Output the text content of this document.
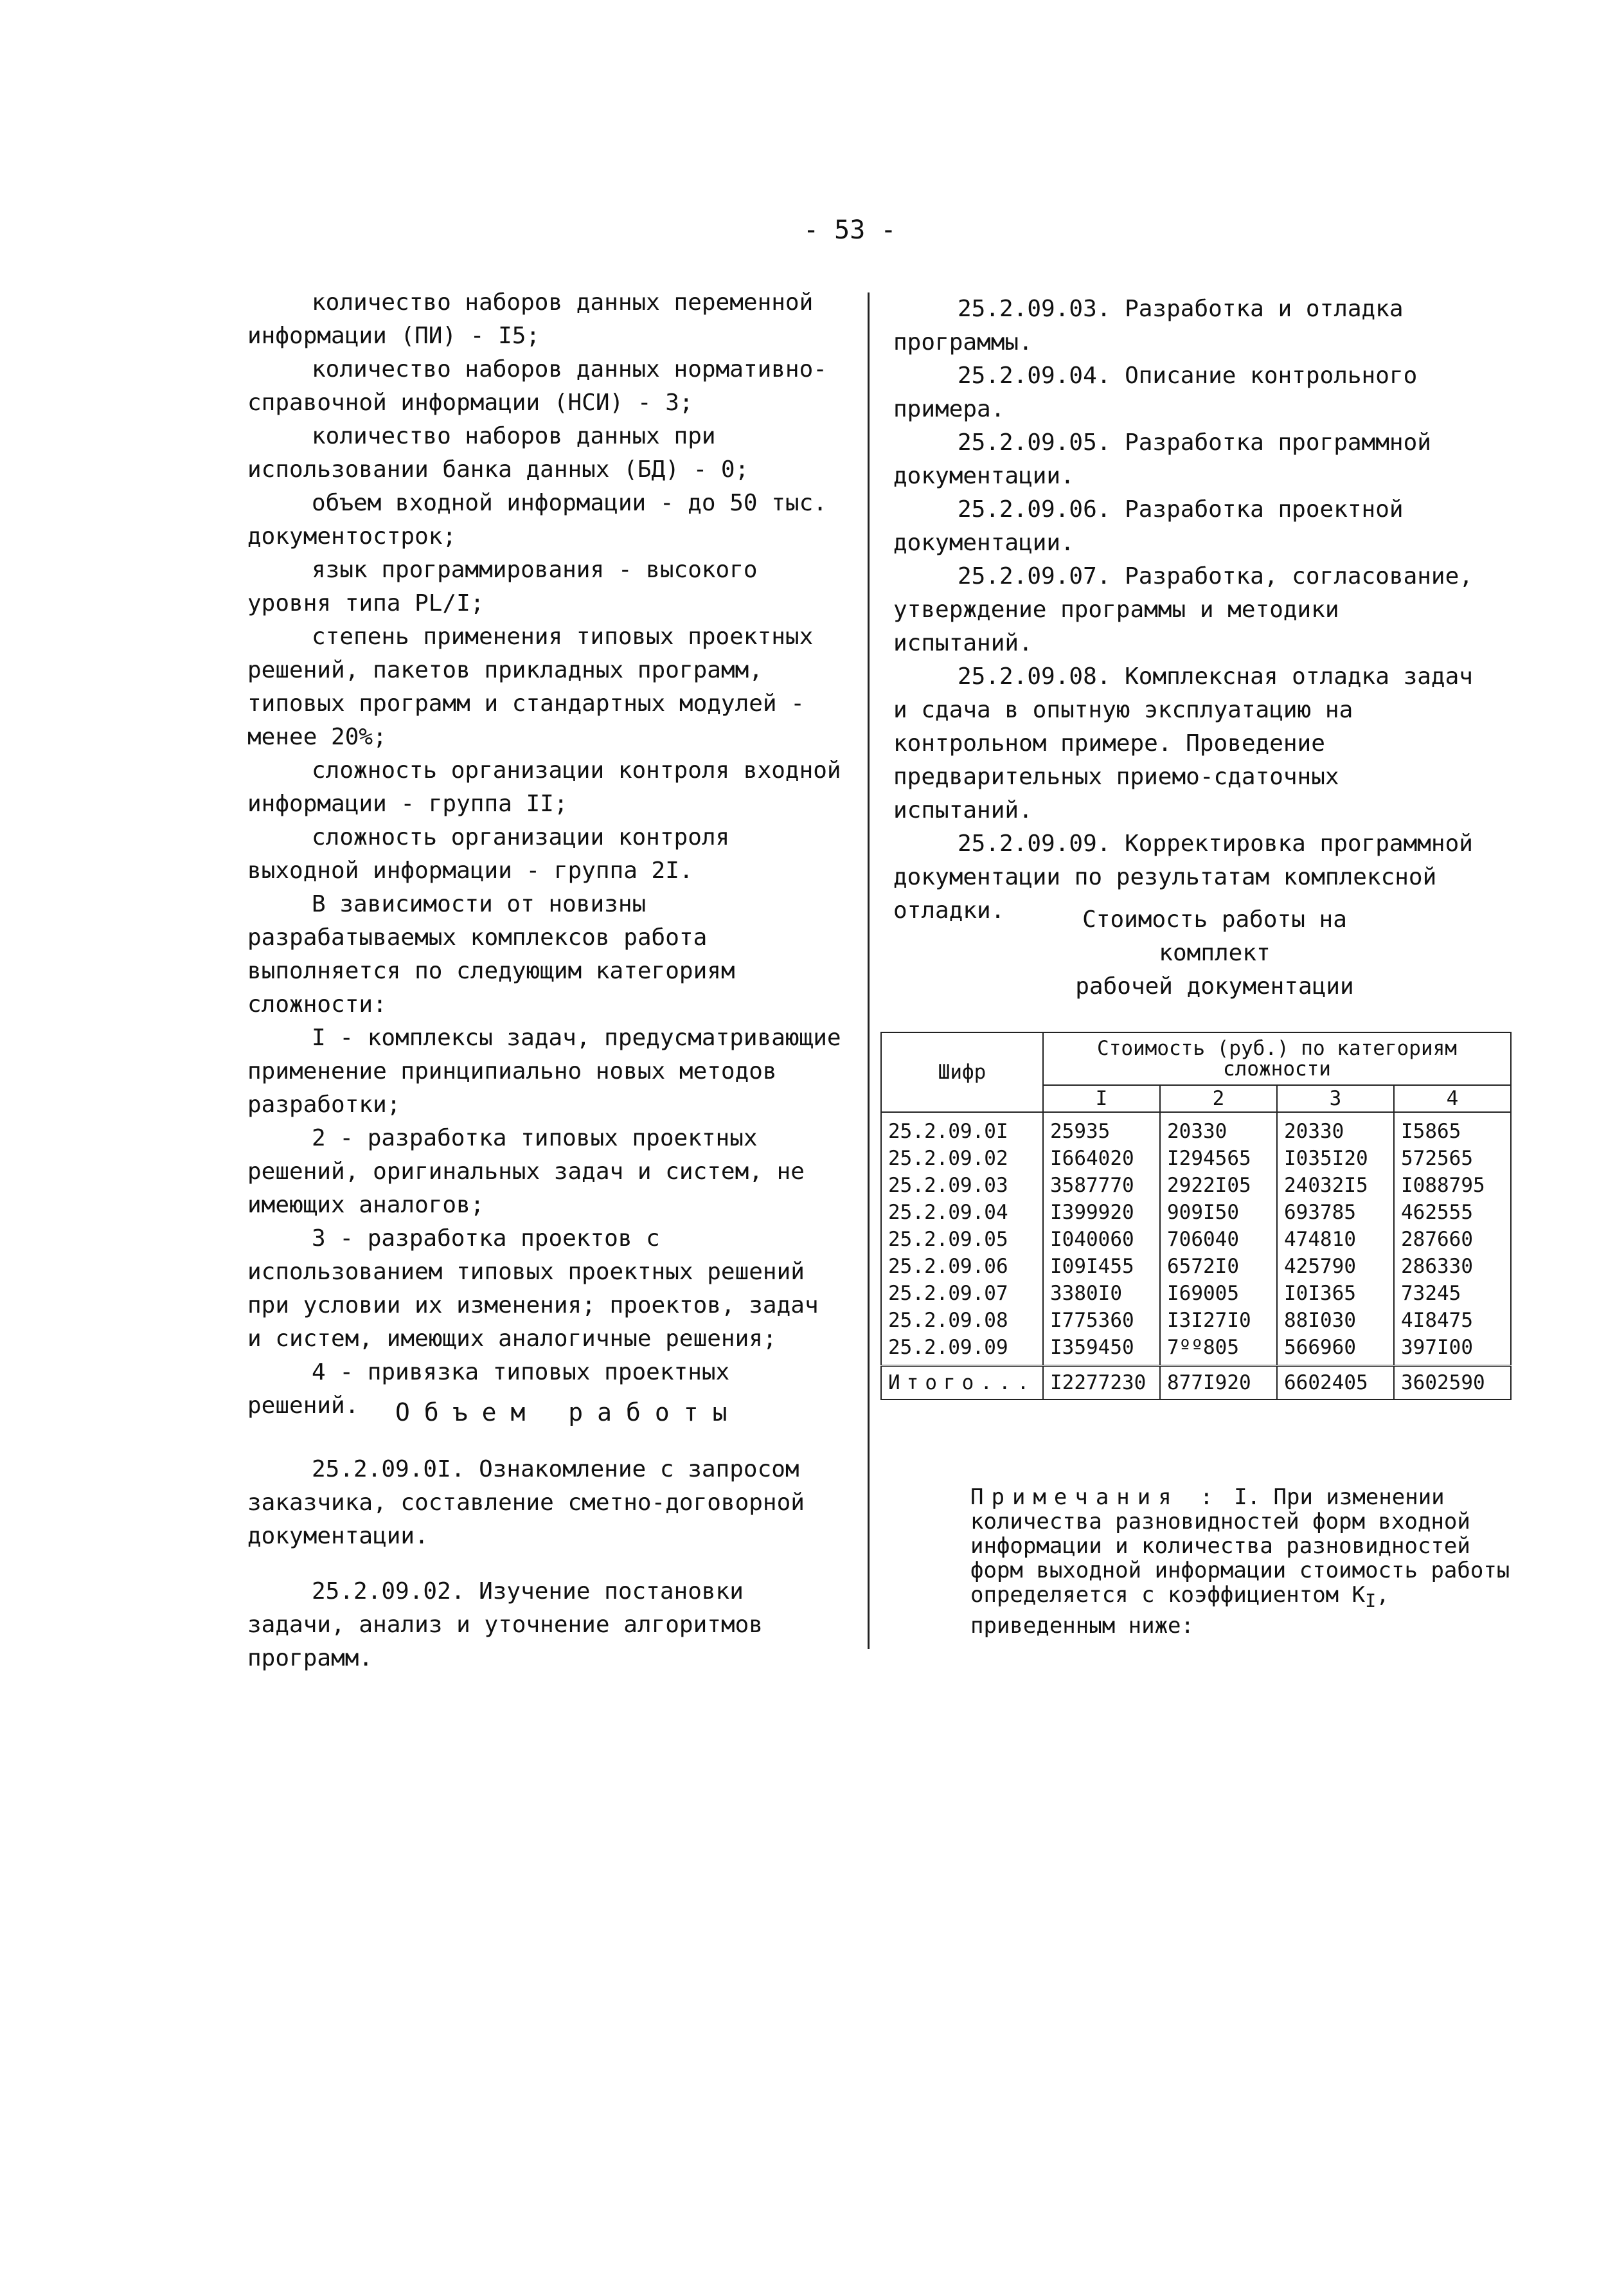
- 53 -

количество наборов данных переменной информации (ПИ) - I5;

количество наборов данных нормативно-справочной информации (НСИ) - 3;

количество наборов данных при использовании банка данных (БД) - 0;

объем входной информации - до 50 тыс. документострок;

язык программирования - высокого уровня типа PL/I;

степень применения типовых проектных решений, пакетов прикладных программ, типовых программ и стандартных модулей - менее 20%;

сложность организации контроля входной информации - группа II;

сложность организации контроля выходной информации - группа 2I.

В зависимости от новизны разрабатываемых комплексов работа выполняется по следующим категориям сложности:

I - комплексы задач, предусматривающие применение принципиально новых методов разработки;

2 - разработка типовых проектных решений, оригинальных задач и систем, не имеющих аналогов;

3 - разработка проектов с использованием типовых проектных решений при условии их изменения; проектов, задач и систем, имеющих аналогичные решения;

4 - привязка типовых проектных решений.	Объем работы

25.2.09.0I. Ознакомление с запросом заказчика, составление сметно-договорной документации.

25.2.09.02. Изучение постановки задачи, анализ и уточнение алгоритмов программ.

25.2.09.03. Разработка и отладка программы.

25.2.09.04. Описание контрольного примера.

25.2.09.05. Разработка программной документации.

25.2.09.06. Разработка проектной документации.

25.2.09.07. Разработка, согласование, утверждение программы и методики испытаний.

25.2.09.08. Комплексная отладка задач и сдача в опытную эксплуатацию на контрольном примере. Проведение предварительных приемо-сдаточных испытаний.

25.2.09.09. Корректировка программной документации по результатам комплексной отладки.	Стоимость работы на комплект
рабочей документации
Шифр	Стоимость (руб.) по категориям сложности			
	I	2	3	4
25.2.09.0I	25935	20330	20330	I5865
25.2.09.02	I664020	I294565	I035I20	572565
25.2.09.03	3587770	2922I05	24032I5	I088795
25.2.09.04	I399920	909I50	693785	462555
25.2.09.05	I040060	706040	474810	287660
25.2.09.06	I09I455	6572I0	425790	286330
25.2.09.07	3380I0	I69005	I0I365	73245
25.2.09.08	I775360	I3I27I0	88I030	4I8475
25.2.09.09	I359450	7ºº805	566960	397I00
Итого...	I2277230	877I920	6602405	3602590
Примечания : I. При изменении количества разновидностей форм входной информации и количества разновидностей форм выходной информации стоимость работы определяется с коэффициентом $K_I$, приведенным ниже:
